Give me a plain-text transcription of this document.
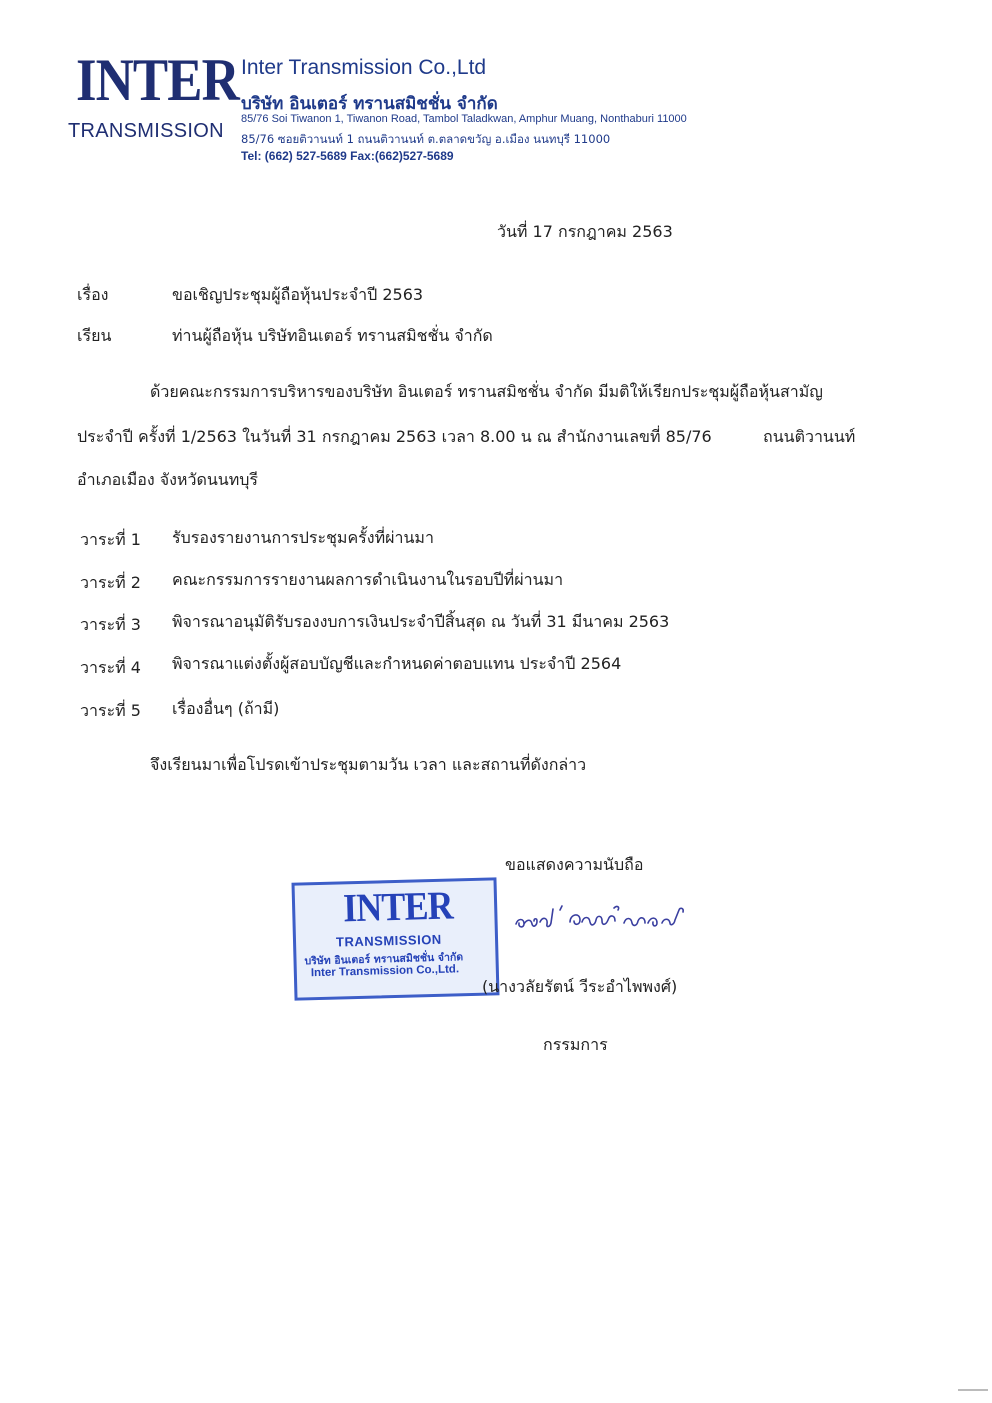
INTER
TRANSMISSION
Inter Transmission Co.,Ltd
บริษัท อินเตอร์ ทรานสมิชชั่น จำกัด
85/76 Soi Tiwanon 1, Tiwanon Road, Tambol Taladkwan, Amphur Muang, Nonthaburi 11000
85/76 ซอยติวานนท์ 1 ถนนติวานนท์ ต.ตลาดขวัญ อ.เมือง นนทบุรี 11000
Tel: (662) 527-5689 Fax:(662)527-5689
วันที่ 17 กรกฎาคม 2563
เรื่อง	ขอเชิญประชุมผู้ถือหุ้นประจำปี 2563
เรียน	ท่านผู้ถือหุ้น บริษัทอินเตอร์ ทรานสมิชชั่น จำกัด
ด้วยคณะกรรมการบริหารของบริษัท อินเตอร์ ทรานสมิชชั่น จำกัด มีมติให้เรียกประชุมผู้ถือหุ้นสามัญ
ประจำปี ครั้งที่ 1/2563 ในวันที่ 31 กรกฎาคม 2563 เวลา 8.00 น ณ สำนักงานเลขที่ 85/76	ถนนติวานนท์
อำเภอเมือง จังหวัดนนทบุรี
วาระที่ 1 รับรองรายงานการประชุมครั้งที่ผ่านมา
วาระที่ 2 คณะกรรมการรายงานผลการดำเนินงานในรอบปีที่ผ่านมา
วาระที่ 3 พิจารณาอนุมัติรับรองงบการเงินประจำปีสิ้นสุด ณ วันที่ 31 มีนาคม 2563
วาระที่ 4 พิจารณาแต่งตั้งผู้สอบบัญชีและกำหนดค่าตอบแทน ประจำปี 2564
วาระที่ 5 เรื่องอื่นๆ (ถ้ามี)
จึงเรียนมาเพื่อโปรดเข้าประชุมตามวัน เวลา และสถานที่ดังกล่าว
ขอแสดงความนับถือ
INTER
TRANSMISSION
บริษัท อินเตอร์ ทรานสมิชชั่น จำกัด
Inter Transmission Co.,Ltd.
(นางวลัยรัตน์ วีระอำไพพงศ์)
กรรมการ
